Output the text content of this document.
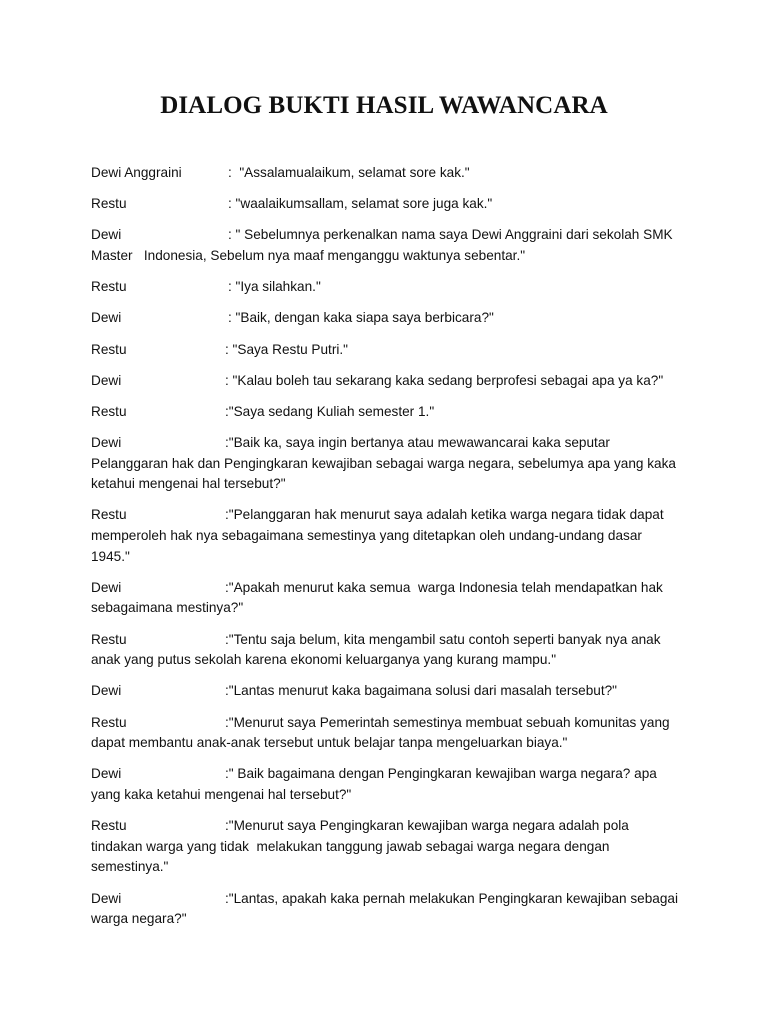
DIALOG BUKTI HASIL WAWANCARA
Dewi Anggraini	:  "Assalamualaikum, selamat sore kak."
Restu	: "waalaikumsallam, selamat sore juga kak."
Dewi	: " Sebelumnya perkenalkan nama saya Dewi Anggraini dari sekolah SMK Master   Indonesia, Sebelum nya maaf menganggu waktunya sebentar."
Restu	: "Iya silahkan."
Dewi	: "Baik, dengan kaka siapa saya berbicara?"
Restu	: "Saya Restu Putri."
Dewi	: "Kalau boleh tau sekarang kaka sedang berprofesi sebagai apa ya ka?"
Restu	:"Saya sedang Kuliah semester 1."
Dewi	:"Baik ka, saya ingin bertanya atau mewawancarai kaka seputar Pelanggaran hak dan Pengingkaran kewajiban sebagai warga negara, sebelumya apa yang kaka ketahui mengenai hal tersebut?"
Restu	:"Pelanggaran hak menurut saya adalah ketika warga negara tidak dapat memperoleh hak nya sebagaimana semestinya yang ditetapkan oleh undang-undang dasar 1945."
Dewi	:"Apakah menurut kaka semua  warga Indonesia telah mendapatkan hak sebagaimana mestinya?"
Restu	:"Tentu saja belum, kita mengambil satu contoh seperti banyak nya anak anak yang putus sekolah karena ekonomi keluarganya yang kurang mampu."
Dewi	:"Lantas menurut kaka bagaimana solusi dari masalah tersebut?"
Restu	:"Menurut saya Pemerintah semestinya membuat sebuah komunitas yang dapat membantu anak-anak tersebut untuk belajar tanpa mengeluarkan biaya."
Dewi	:" Baik bagaimana dengan Pengingkaran kewajiban warga negara? apa yang kaka ketahui mengenai hal tersebut?"
Restu	:"Menurut saya Pengingkaran kewajiban warga negara adalah pola tindakan warga yang tidak  melakukan tanggung jawab sebagai warga negara dengan semestinya."
Dewi	:"Lantas, apakah kaka pernah melakukan Pengingkaran kewajiban sebagai warga negara?"
